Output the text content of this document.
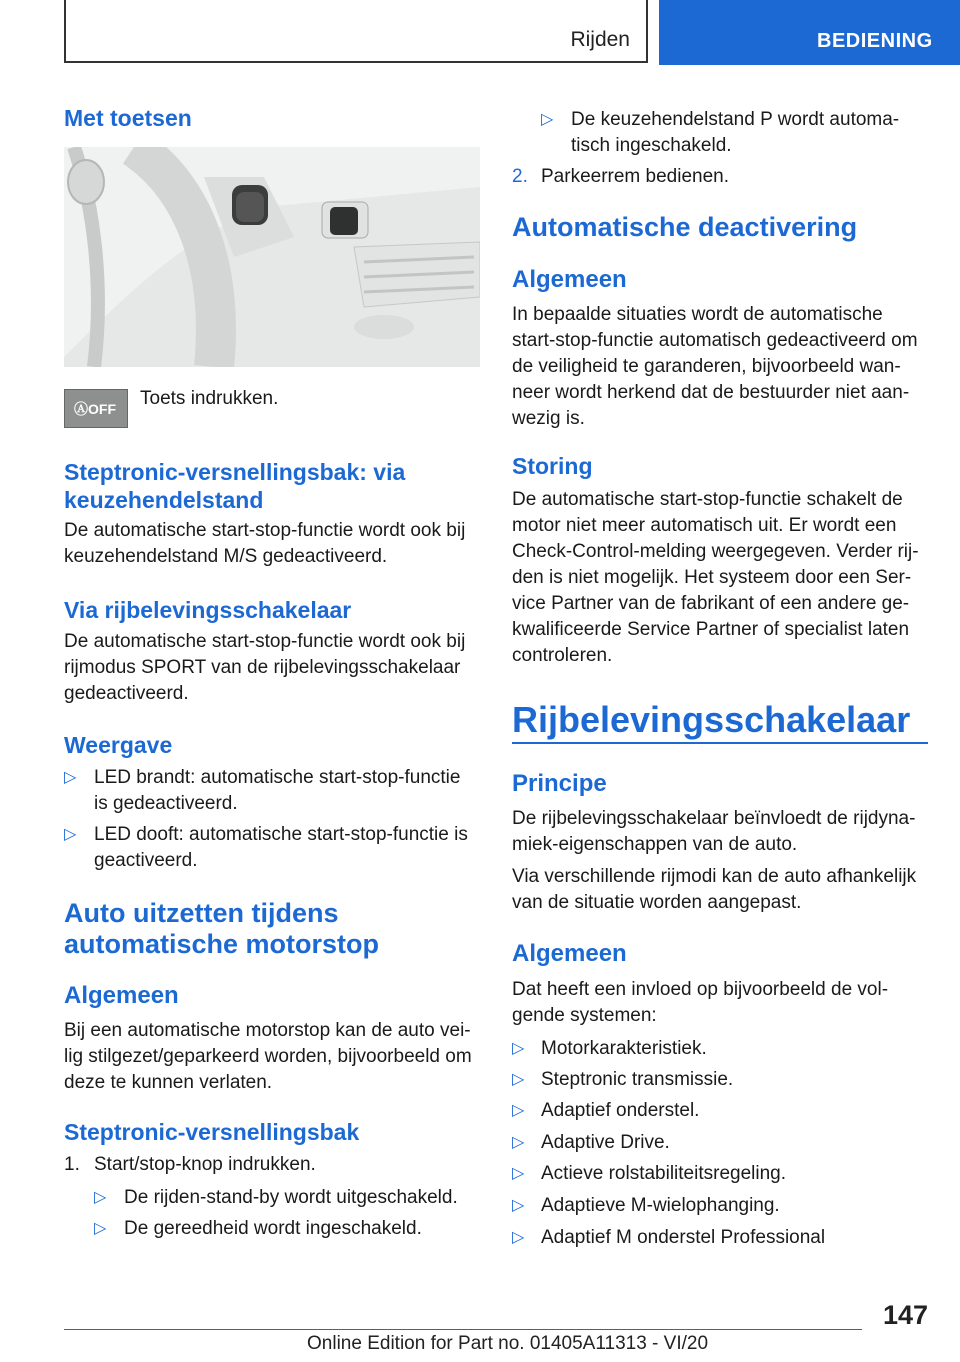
Rijden	BEDIENING
Met toetsen
ⒶOFF Toets indrukken.
Steptronic-versnellingsbak: via
keuzehendelstand
De automatische start-stop-functie wordt ook bij
keuzehendelstand M/S gedeactiveerd.
Via rijbelevingsschakelaar
De automatische start-stop-functie wordt ook bij
rijmodus SPORT van de rijbelevingsschakelaar
gedeactiveerd.
Weergave
▷ LED brandt: automatische start-stop-functie
is gedeactiveerd.
▷ LED dooft: automatische start-stop-functie is
geactiveerd.
Auto uitzetten tijdens
automatische motorstop
Algemeen
Bij een automatische motorstop kan de auto vei-
lig stilgezet/geparkeerd worden, bijvoorbeeld om
deze te kunnen verlaten.
Steptronic-versnellingsbak
1. Start/stop-knop indrukken.
▷ De rijden-stand-by wordt uitgeschakeld.
▷ De gereedheid wordt ingeschakeld.
▷ De keuzehendelstand P wordt automa-
tisch ingeschakeld.
2. Parkeerrem bedienen.
Automatische deactivering
Algemeen
In bepaalde situaties wordt de automatische
start-stop-functie automatisch gedeactiveerd om
de veiligheid te garanderen, bijvoorbeeld wan-
neer wordt herkend dat de bestuurder niet aan-
wezig is.
Storing
De automatische start-stop-functie schakelt de
motor niet meer automatisch uit. Er wordt een
Check-Control-melding weergegeven. Verder rij-
den is niet mogelijk. Het systeem door een Ser-
vice Partner van de fabrikant of een andere ge-
kwalificeerde Service Partner of specialist laten
controleren.
Rijbelevingsschakelaar
Principe
De rijbelevingsschakelaar beïnvloedt de rijdyna-
miek-eigenschappen van de auto.
Via verschillende rijmodi kan de auto afhankelijk
van de situatie worden aangepast.
Algemeen
Dat heeft een invloed op bijvoorbeeld de vol-
gende systemen:
▷ Motorkarakteristiek.
▷ Steptronic transmissie.
▷ Adaptief onderstel.
▷ Adaptive Drive.
▷ Actieve rolstabiliteitsregeling.
▷ Adaptieve M-wielophanging.
▷ Adaptief M onderstel Professional
147
Online Edition for Part no. 01405A11313 - VI/20
